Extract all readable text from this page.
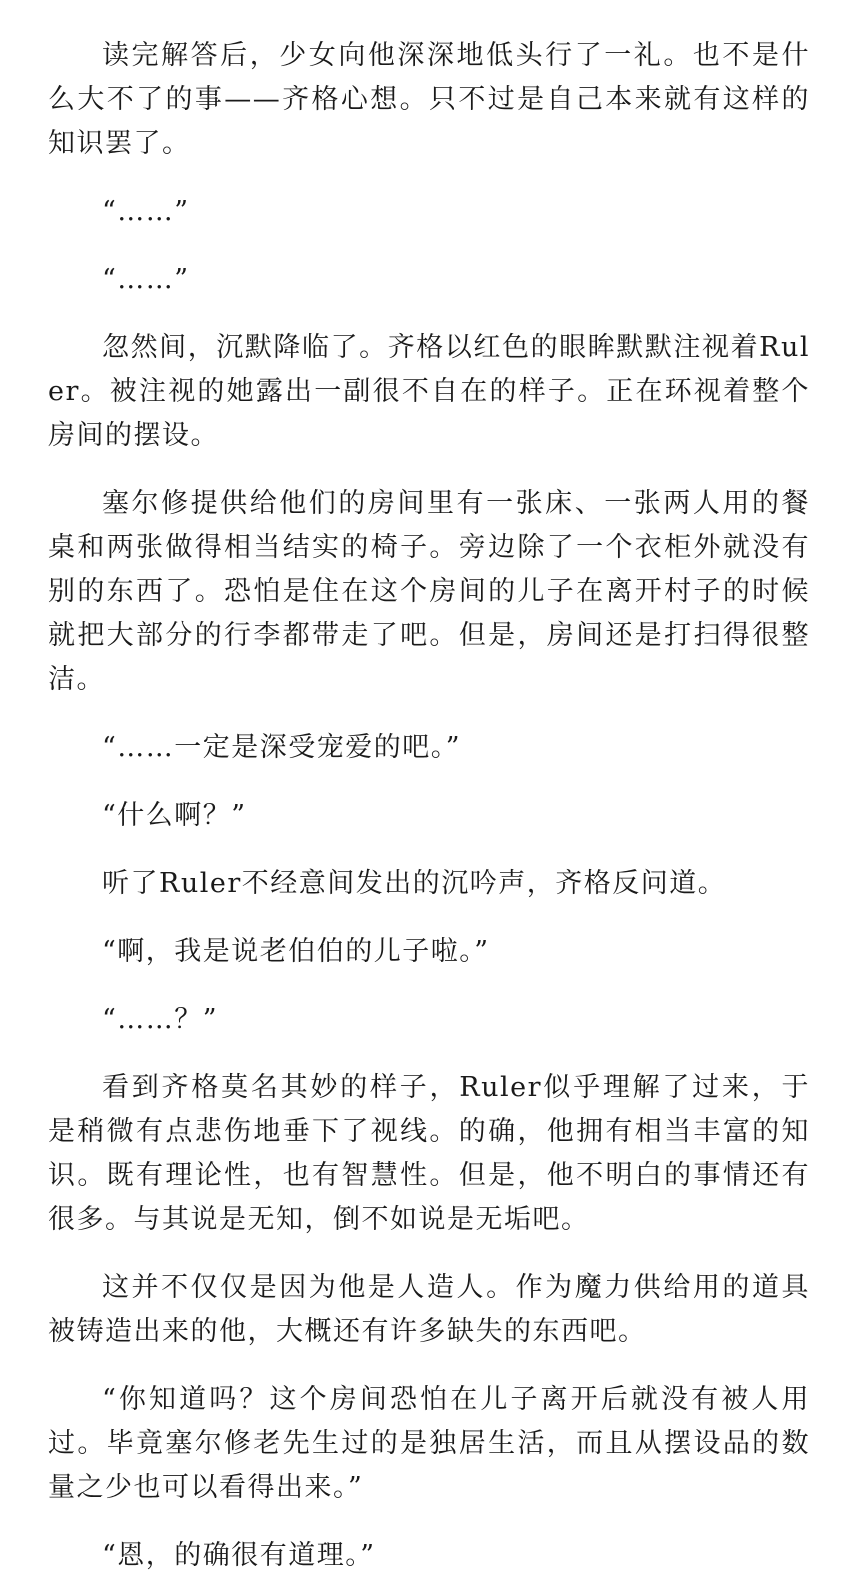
读完解答后，少女向他深深地低头行了一礼。也不是什么大不了的事——齐格心想。只不过是自己本来就有这样的知识罢了。

“……”

“……”

忽然间，沉默降临了。齐格以红色的眼眸默默注视着Ruler。被注视的她露出一副很不自在的样子。正在环视着整个房间的摆设。

塞尔修提供给他们的房间里有一张床、一张两人用的餐桌和两张做得相当结实的椅子。旁边除了一个衣柜外就没有别的东西了。恐怕是住在这个房间的儿子在离开村子的时候就把大部分的行李都带走了吧。但是，房间还是打扫得很整洁。

“……一定是深受宠爱的吧。”

“什么啊？”

听了Ruler不经意间发出的沉吟声，齐格反问道。

“啊，我是说老伯伯的儿子啦。”

“……？”

看到齐格莫名其妙的样子，Ruler似乎理解了过来，于是稍微有点悲伤地垂下了视线。的确，他拥有相当丰富的知识。既有理论性，也有智慧性。但是，他不明白的事情还有很多。与其说是无知，倒不如说是无垢吧。

这并不仅仅是因为他是人造人。作为魔力供给用的道具被铸造出来的他，大概还有许多缺失的东西吧。

“你知道吗？这个房间恐怕在儿子离开后就没有被人用过。毕竟塞尔修老先生过的是独居生活，而且从摆设品的数量之少也可以看得出来。”

“恩，的确很有道理。”
